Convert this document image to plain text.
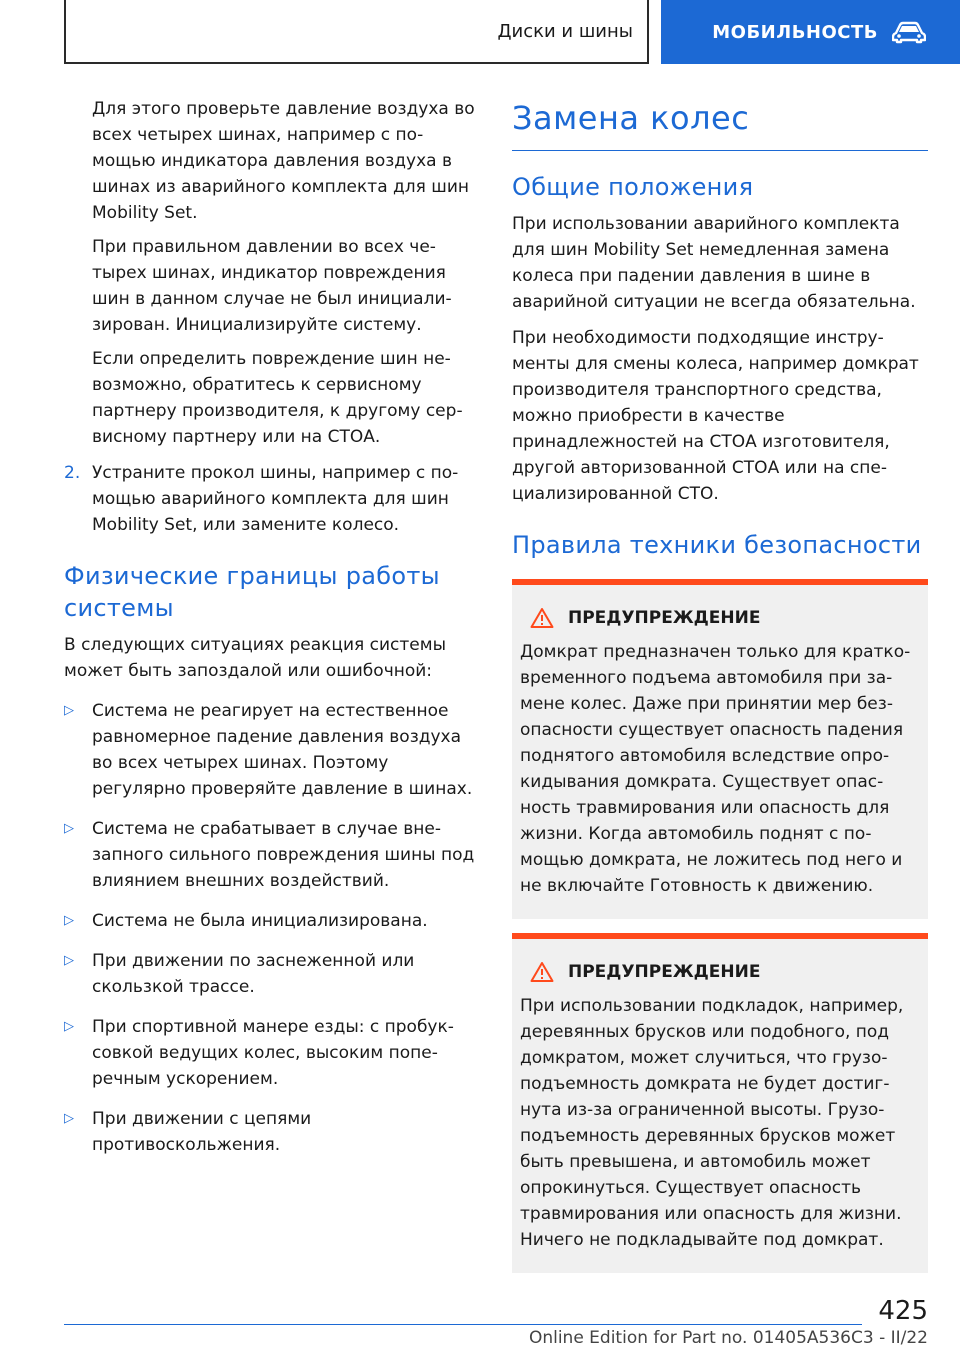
Диски и шины	МОБИЛЬНОСТЬ

Для этого проверьте давление воздуха во всех четырех шинах, например с помощью индикатора давления воздуха в шинах из аварийного комплекта для шин Mobility Set.

При правильном давлении во всех четырех шинах, индикатор повреждения шин в данном случае не был инициализирован. Инициализируйте систему.

Если определить повреждение шин невозможно, обратитесь к сервисному партнеру производителя, к другому сервисному партнеру или на СТОА.

2. Устраните прокол шины, например с помощью аварийного комплекта для шин Mobility Set, или замените колесо.
Физические границы работы системы

В следующих ситуациях реакция системы может быть запоздалой или ошибочной:

▷	Система не реагирует на естественное равномерное падение давления воздуха во всех четырех шинах. Поэтому регулярно проверяйте давление в шинах.
▷	Система не срабатывает в случае внезапного сильного повреждения шины под влиянием внешних воздействий.
▷	Система не была инициализирована.
▷	При движении по заснеженной или скользкой трассе.
▷	При спортивной манере езды: с пробуксовкой ведущих колес, высоким поперечным ускорением.
▷	При движении с цепями противоскольжения.
Замена колес
Общие положения

При использовании аварийного комплекта для шин Mobility Set немедленная замена колеса при падении давления в шине в аварийной ситуации не всегда обязательна.

При необходимости подходящие инструменты для смены колеса, например домкрат производителя транспортного средства, можно приобрести в качестве принадлежностей на СТОА изготовителя, другой авторизованной СТОА или на специализированной СТО.

Правила техники безопасности
ПРЕДУПРЕЖДЕНИЕ

Домкрат предназначен только для кратковременного подъема автомобиля при замене колес. Даже при принятии мер безопасности существует опасность падения поднятого автомобиля вследствие опрокидывания домкрата. Существует опасность травмирования или опасность для жизни. Когда автомобиль поднят с помощью домкрата, не ложитесь под него и не включайте Готовность к движению.

ПРЕДУПРЕЖДЕНИЕ

При использовании подкладок, например, деревянных брусков или подобного, под домкратом, может случиться, что грузоподъемность домкрата не будет достигнута из-за ограниченной высоты. Грузоподъемность деревянных брусков может быть превышена, и автомобиль может опрокинуться. Существует опасность травмирования или опасность для жизни. Ничего не подкладывайте под домкрат.

425
Online Edition for Part no. 01405A536C3 - II/22
